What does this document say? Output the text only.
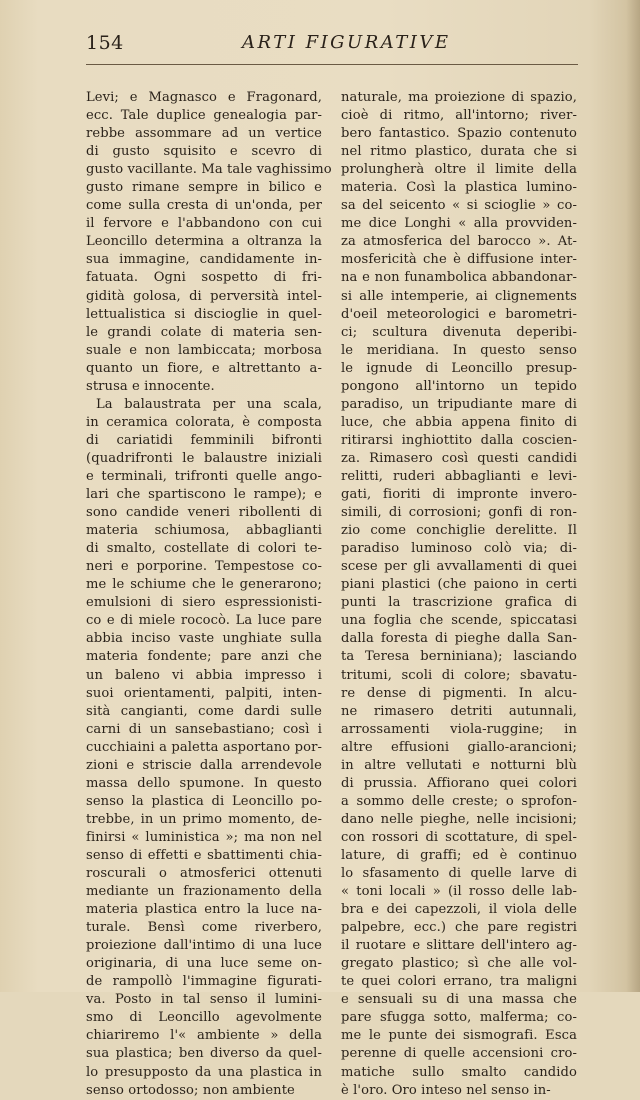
154	ARTI FIGURATIVE
Levi; e Magnasco e Fragonard,
ecc. Tale duplice genealogia par-
rebbe assommare ad un vertice
di gusto squisito e scevro di
gusto vacillante. Ma tale vaghissimo
gusto rimane sempre in bilico e
come sulla cresta di un'onda, per
il fervore e l'abbandono con cui
Leoncillo determina a oltranza la
sua immagine, candidamente in-
fatuata. Ogni sospetto di fri-
gidità golosa, di perversità intel-
lettualistica si discioglie in quel-
le grandi colate di materia sen-
suale e non lambiccata; morbosa
quanto un fiore, e altrettanto a-
strusa e innocente.
La balaustrata per una scala,
in ceramica colorata, è composta
di cariatidi femminili bifronti
(quadrifronti le balaustre iniziali
e terminali, trifronti quelle ango-
lari che spartiscono le rampe); e
sono candide veneri ribollenti di
materia schiumosa, abbaglianti
di smalto, costellate di colori te-
neri e porporine. Tempestose co-
me le schiume che le generarono;
emulsioni di siero espressionisti-
co e di miele rococò. La luce pare
abbia inciso vaste unghiate sulla
materia fondente; pare anzi che
un baleno vi abbia impresso i
suoi orientamenti, palpiti, inten-
sità cangianti, come dardi sulle
carni di un sansebastiano; così i
cucchiaini a paletta asportano por-
zioni e striscie dalla arrendevole
massa dello spumone. In questo
senso la plastica di Leoncillo po-
trebbe, in un primo momento, de-
finirsi « luministica »; ma non nel
senso di effetti e sbattimenti chia-
roscurali o atmosferici ottenuti
mediante un frazionamento della
materia plastica entro la luce na-
turale. Bensì come riverbero,
proiezione dall'intimo di una luce
originaria, di una luce seme on-
de rampollò l'immagine figurati-
va. Posto in tal senso il lumini-
smo di Leoncillo agevolmente
chiariremo l'« ambiente » della
sua plastica; ben diverso da quel-
lo presupposto da una plastica in
senso ortodosso; non ambiente
naturale, ma proiezione di spazio,
cioè di ritmo, all'intorno; river-
bero fantastico. Spazio contenuto
nel ritmo plastico, durata che si
prolungherà oltre il limite della
materia. Così la plastica lumino-
sa del seicento « si scioglie » co-
me dice Longhi « alla provviden-
za atmosferica del barocco ». At-
mosfericità che è diffusione inter-
na e non funambolica abbandonar-
si alle intemperie, ai clignements
d'oeil meteorologici e barometri-
ci; scultura divenuta deperibi-
le meridiana. In questo senso
le ignude di Leoncillo presup-
pongono all'intorno un tepido
paradiso, un tripudiante mare di
luce, che abbia appena finito di
ritirarsi inghiottito dalla coscien-
za. Rimasero così questi candidi
relitti, ruderi abbaglianti e levi-
gati, fioriti di impronte invero-
simili, di corrosioni; gonfi di ron-
zio come conchiglie derelitte. Il
paradiso luminoso colò via; di-
scese per gli avvallamenti di quei
piani plastici (che paiono in certi
punti la trascrizione grafica di
una foglia che scende, spiccatasi
dalla foresta di pieghe dalla San-
ta Teresa berniniana); lasciando
tritumi, scoli di colore; sbavatu-
re dense di pigmenti. In alcu-
ne rimasero detriti autunnali,
arrossamenti viola-ruggine; in
altre effusioni giallo-arancioni;
in altre vellutati e notturni blù
di prussia. Affiorano quei colori
a sommo delle creste; o sprofon-
dano nelle pieghe, nelle incisioni;
con rossori di scottature, di spel-
lature, di graffi; ed è continuo
lo sfasamento di quelle larve di
« toni locali » (il rosso delle lab-
bra e dei capezzoli, il viola delle
palpebre, ecc.) che pare registri
il ruotare e slittare dell'intero ag-
gregato plastico; sì che alle vol-
te quei colori errano, tra maligni
e sensuali su di una massa che
pare sfugga sotto, malferma; co-
me le punte dei sismografi. Esca
perenne di quelle accensioni cro-
matiche sullo smalto candido
è l'oro. Oro inteso nel senso in-
